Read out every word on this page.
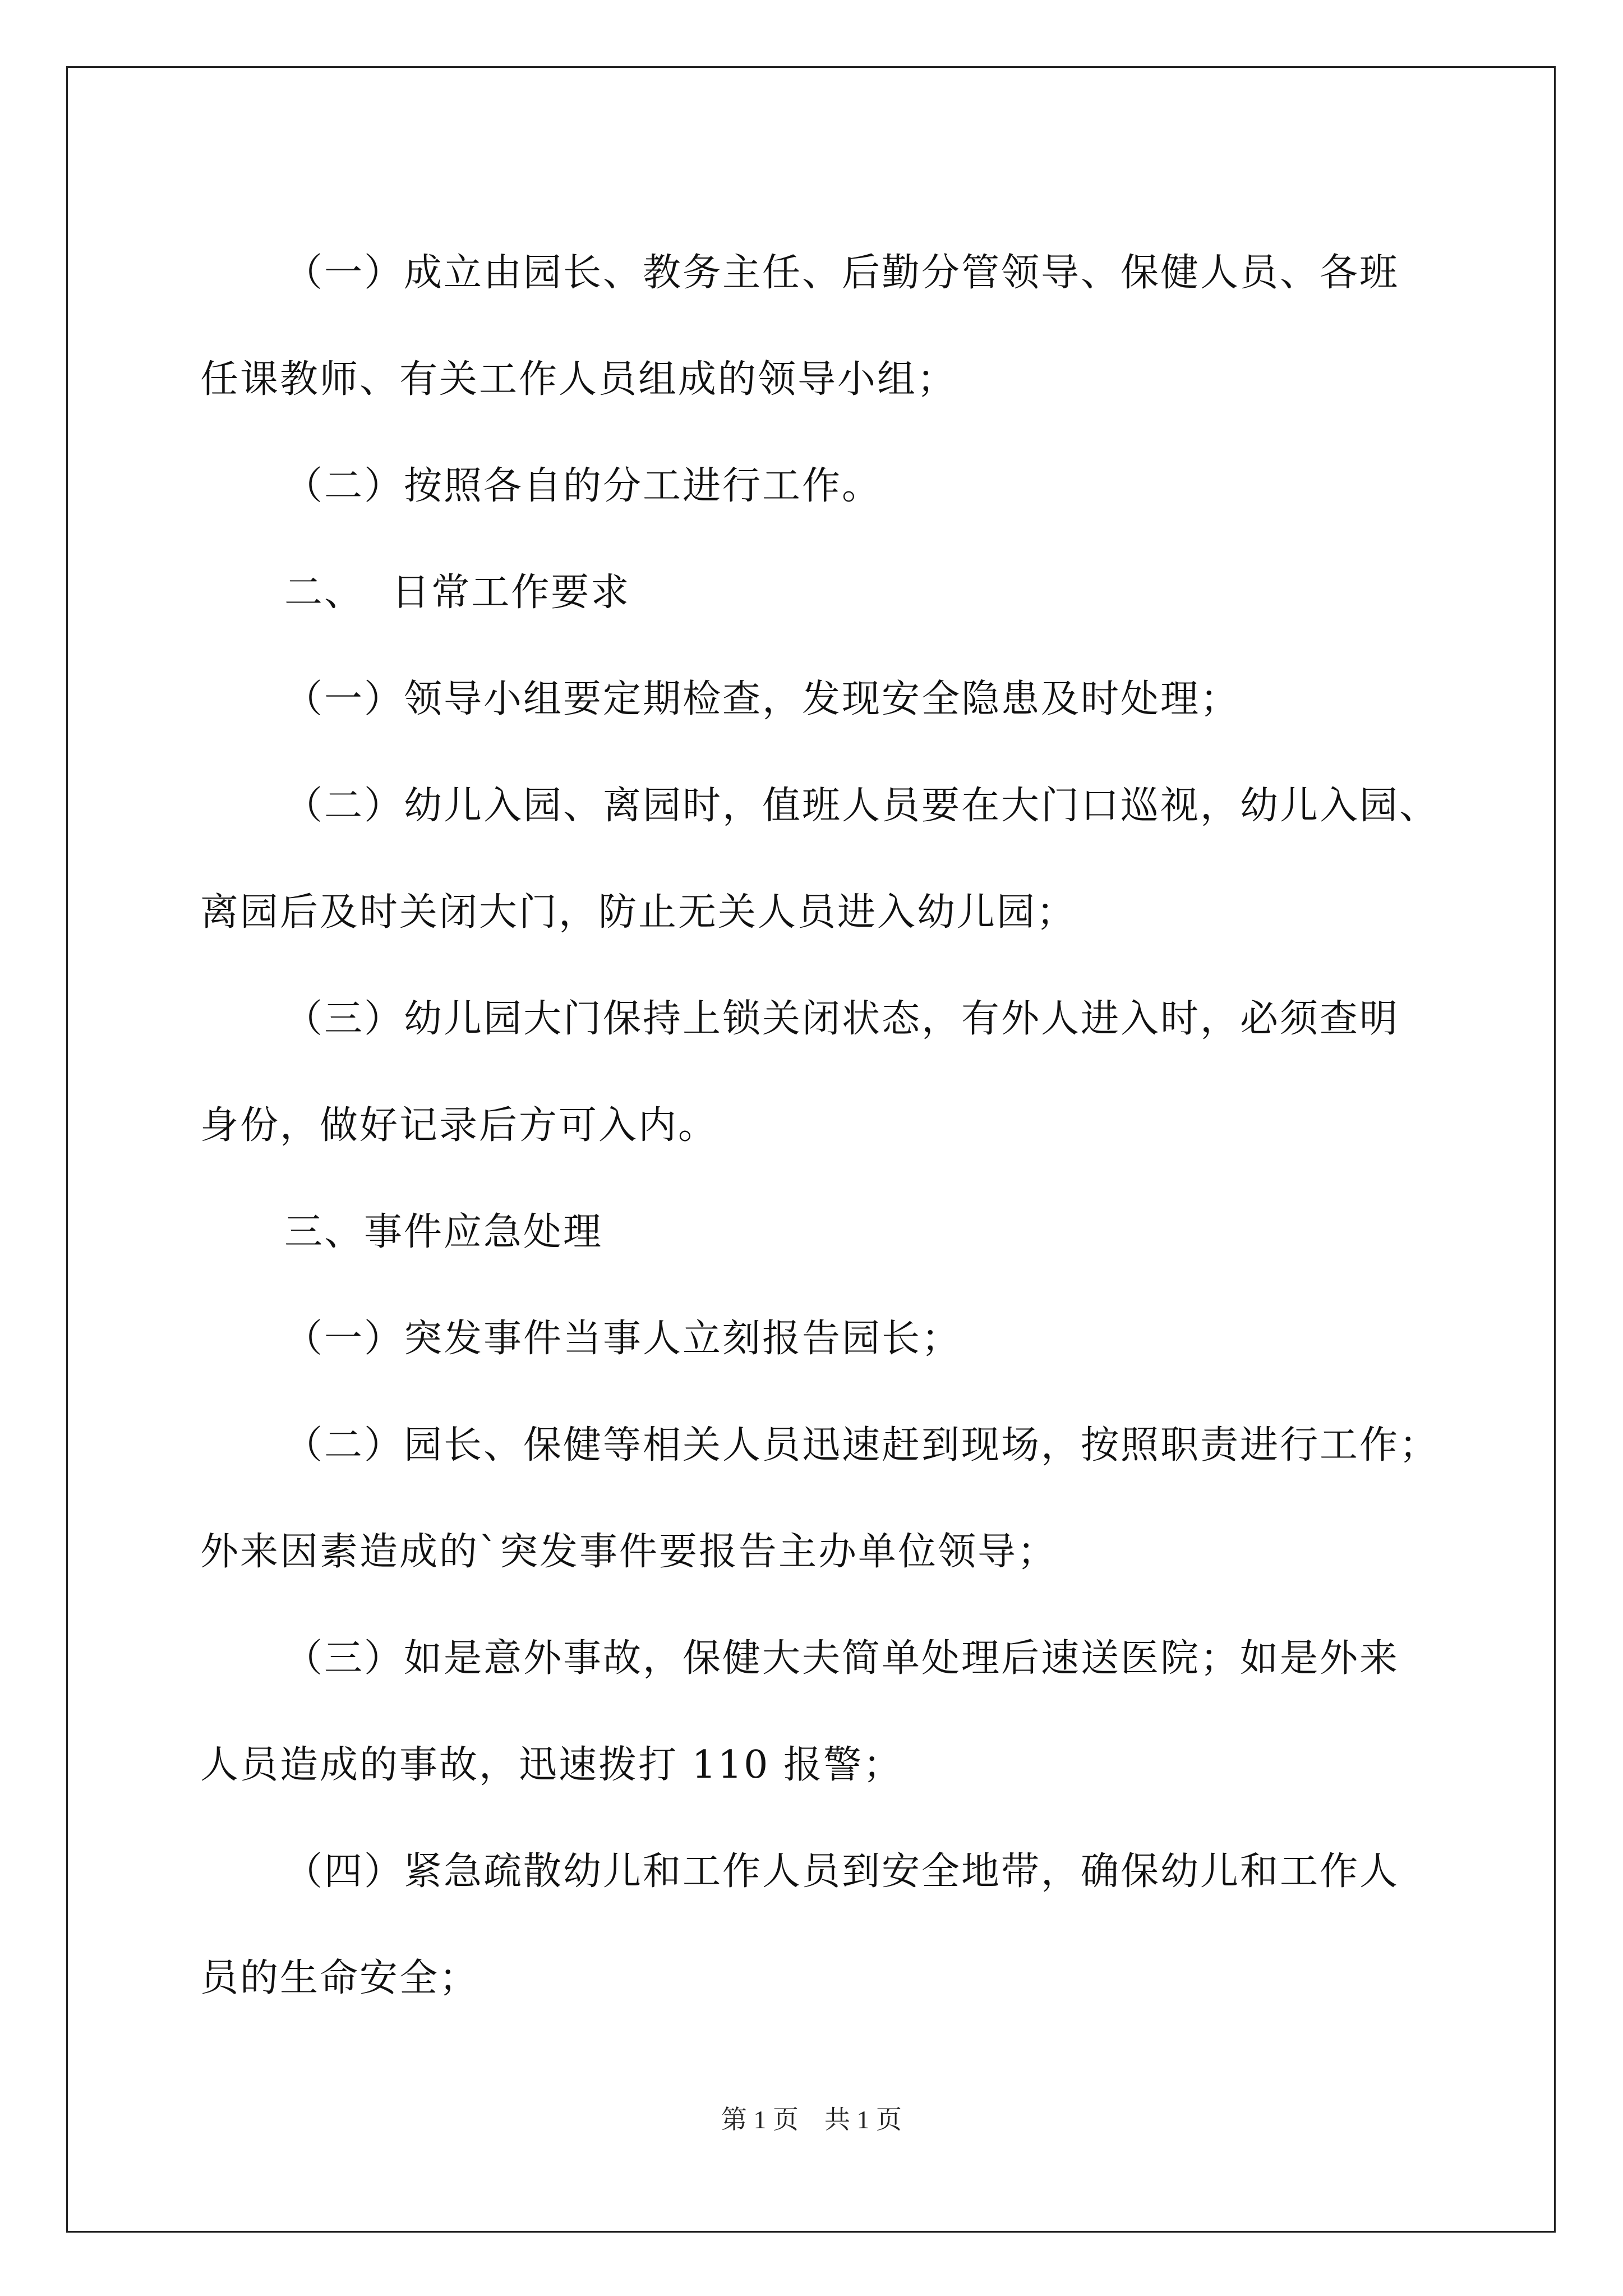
（一）成立由园长、教务主任、后勤分管领导、保健人员、各班

任课教师、有关工作人员组成的领导小组；

（二）按照各自的分工进行工作。

二、  日常工作要求

（一）领导小组要定期检查，发现安全隐患及时处理；

（二）幼儿入园、离园时，值班人员要在大门口巡视，幼儿入园、

离园后及时关闭大门，防止无关人员进入幼儿园；

（三）幼儿园大门保持上锁关闭状态，有外人进入时，必须查明

身份，做好记录后方可入内。

三、事件应急处理

（一）突发事件当事人立刻报告园长；

（二）园长、保健等相关人员迅速赶到现场，按照职责进行工作；

外来因素造成的`突发事件要报告主办单位领导；

（三）如是意外事故，保健大夫简单处理后速送医院；如是外来

人员造成的事故，迅速拨打 110 报警；

（四）紧急疏散幼儿和工作人员到安全地带，确保幼儿和工作人

员的生命安全；

第 1 页 共 1 页
